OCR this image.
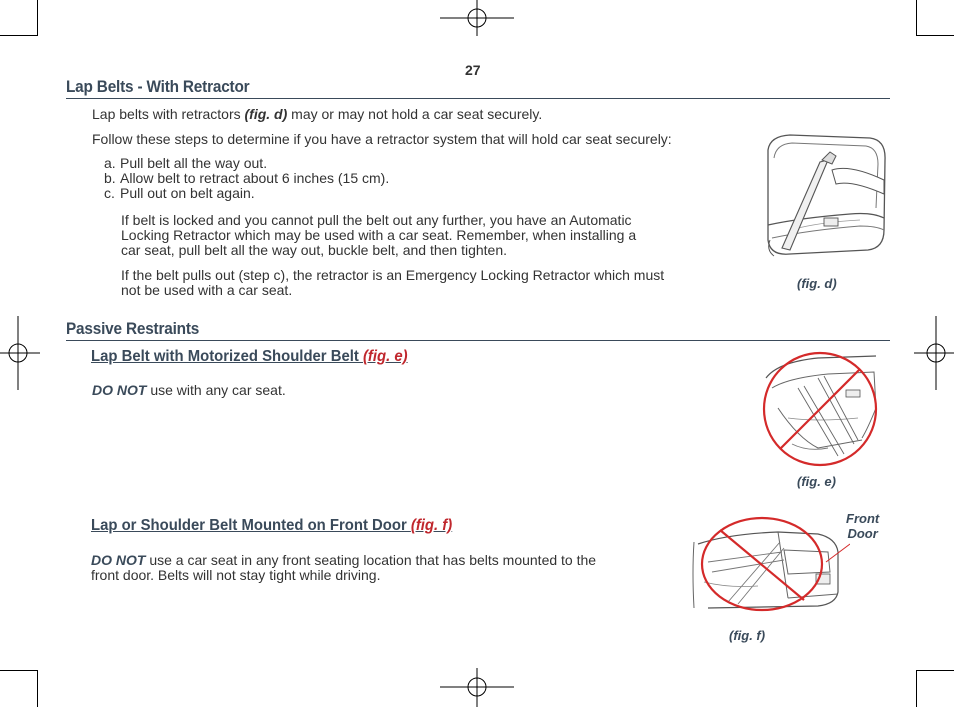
27
Lap Belts - With Retractor
Lap belts with retractors (fig. d) may or may not hold a car seat securely.
Follow these steps to determine if you have a retractor system that will hold car seat securely:
a. Pull belt all the way out.
b. Allow belt to retract about 6 inches (15 cm).
c. Pull out on belt again.
If belt is locked and you cannot pull the belt out any further, you have an Automatic
Locking Retractor which may be used with a car seat. Remember, when installing a
car seat, pull belt all the way out, buckle belt, and then tighten.
If the belt pulls out (step c), the retractor is an Emergency Locking Retractor which must
not be used with a car seat.	(fig. d)
Passive Restraints
Lap Belt with Motorized Shoulder Belt (fig. e)
DO NOT use with any car seat.
(fig. e)
Lap or Shoulder Belt Mounted on Front Door (fig. f)
DO NOT use a car seat in any front seating location that has belts mounted to the
front door. Belts will not stay tight while driving.
Front
Door
(fig. f)
